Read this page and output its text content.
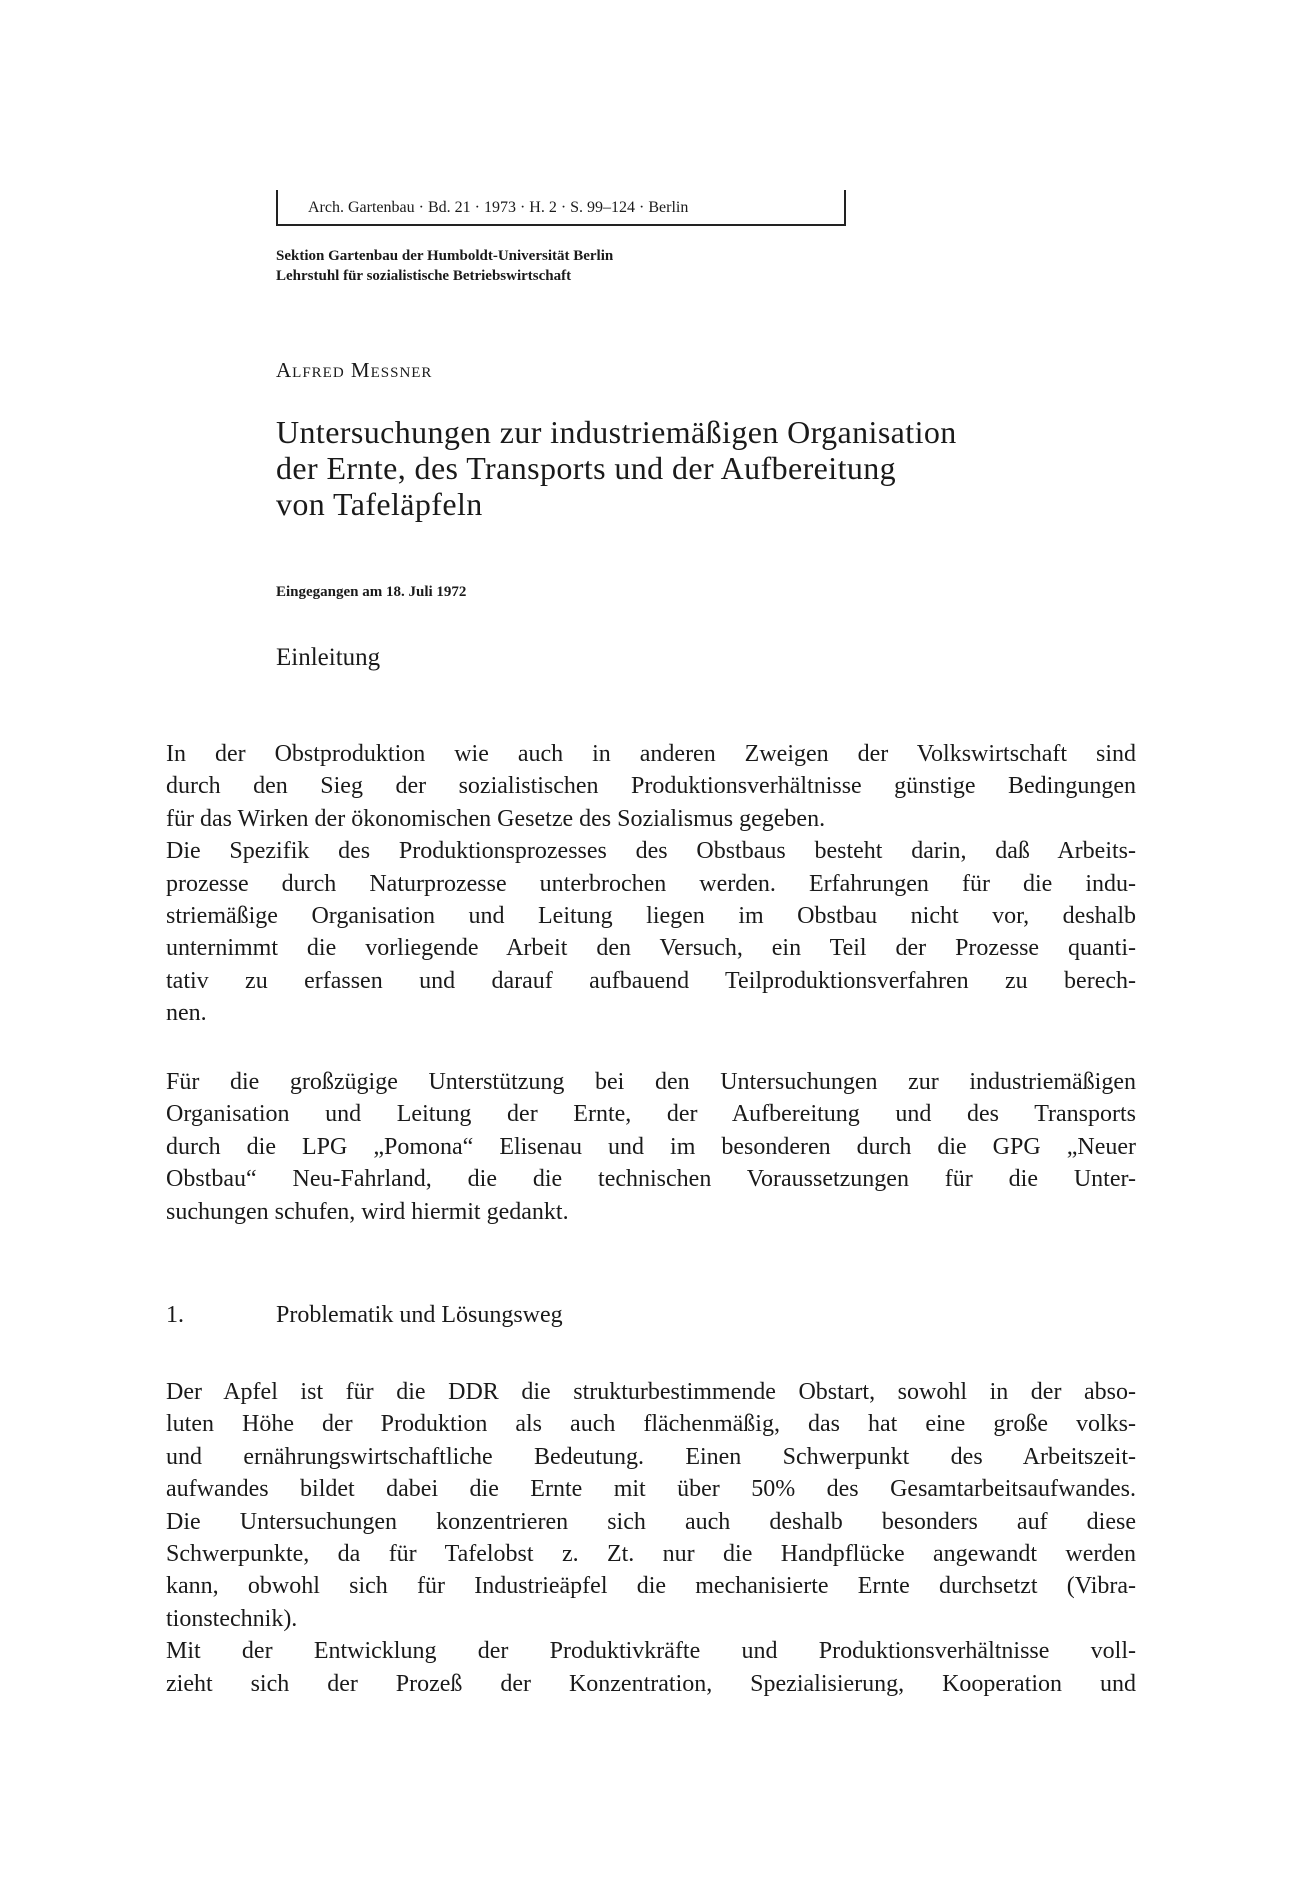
Arch. Gartenbau · Bd. 21 · 1973 · H. 2 · S. 99–124 · Berlin
Sektion Gartenbau der Humboldt-Universität Berlin
Lehrstuhl für sozialistische Betriebswirtschaft
Alfred Messner
Untersuchungen zur industriemäßigen Organisation
der Ernte, des Transports und der Aufbereitung
von Tafeläpfeln
Eingegangen am 18. Juli 1972
Einleitung
In der Obstproduktion wie auch in anderen Zweigen der Volkswirtschaft sind
durch den Sieg der sozialistischen Produktionsverhältnisse günstige Bedingungen
für das Wirken der ökonomischen Gesetze des Sozialismus gegeben.
Die Spezifik des Produktionsprozesses des Obstbaus besteht darin, daß Arbeits-
prozesse durch Naturprozesse unterbrochen werden. Erfahrungen für die indu-
striemäßige Organisation und Leitung liegen im Obstbau nicht vor, deshalb
unternimmt die vorliegende Arbeit den Versuch, ein Teil der Prozesse quanti-
tativ zu erfassen und darauf aufbauend Teilproduktionsverfahren zu berech-
nen.
Für die großzügige Unterstützung bei den Untersuchungen zur industriemäßigen
Organisation und Leitung der Ernte, der Aufbereitung und des Transports
durch die LPG „Pomona“ Elisenau und im besonderen durch die GPG „Neuer
Obstbau“ Neu-Fahrland, die die technischen Voraussetzungen für die Unter-
suchungen schufen, wird hiermit gedankt.
1.	Problematik und Lösungsweg
Der Apfel ist für die DDR die strukturbestimmende Obstart, sowohl in der abso-
luten Höhe der Produktion als auch flächenmäßig, das hat eine große volks-
und ernährungswirtschaftliche Bedeutung. Einen Schwerpunkt des Arbeitszeit-
aufwandes bildet dabei die Ernte mit über 50% des Gesamtarbeitsaufwandes.
Die Untersuchungen konzentrieren sich auch deshalb besonders auf diese
Schwerpunkte, da für Tafelobst z. Zt. nur die Handpflücke angewandt werden
kann, obwohl sich für Industrieäpfel die mechanisierte Ernte durchsetzt (Vibra-
tionstechnik).
Mit der Entwicklung der Produktivkräfte und Produktionsverhältnisse voll-
zieht sich der Prozeß der Konzentration, Spezialisierung, Kooperation und
